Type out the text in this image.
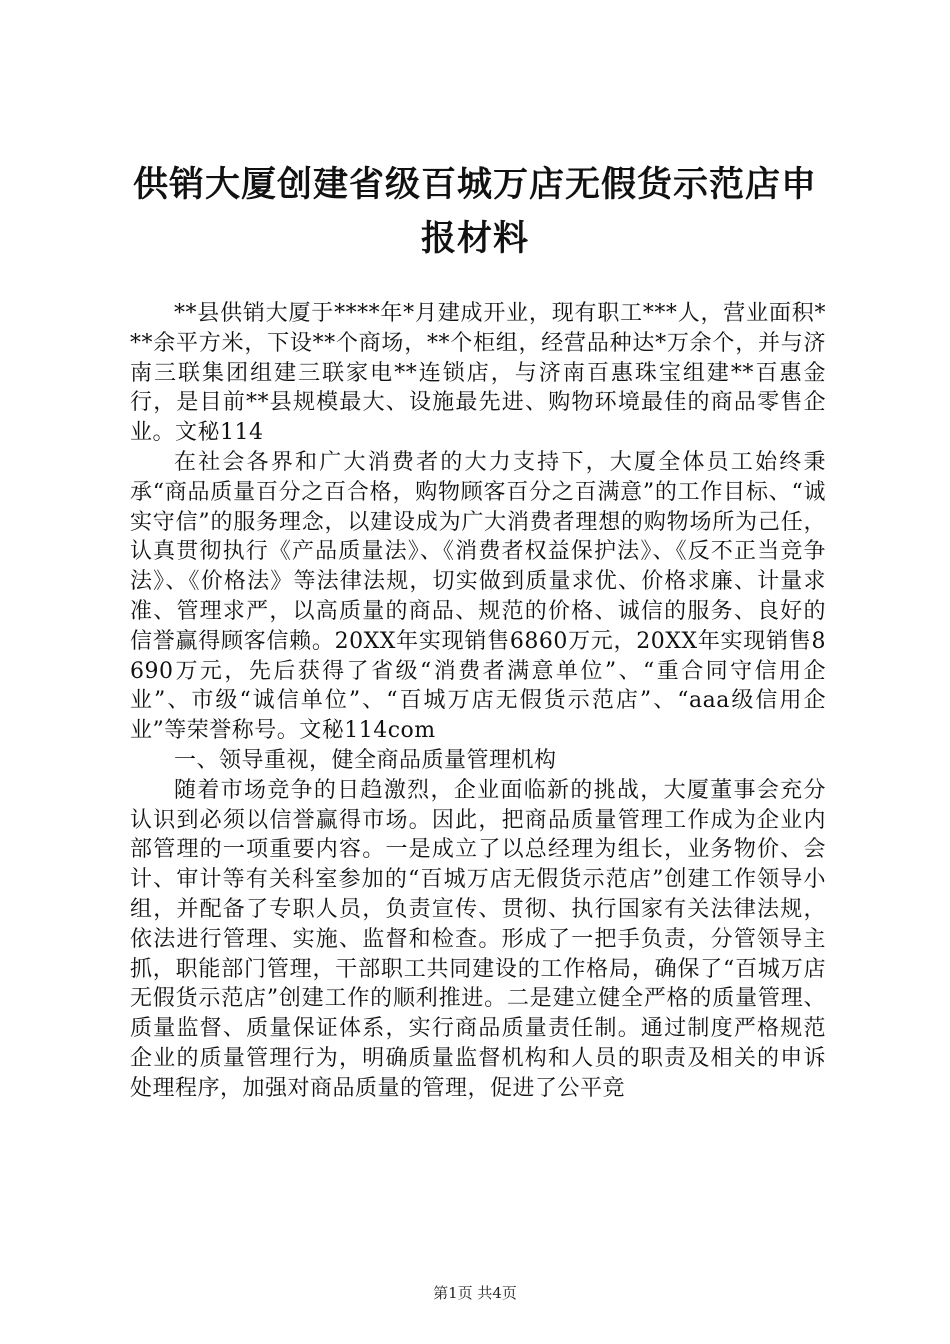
供销大厦创建省级百城万店无假货示范店申报材料

**县供销大厦于****年*月建成开业，现有职工***人，营业面积***余平方米，下设**个商场，**个柜组，经营品种达*万余个，并与济南三联集团组建三联家电**连锁店，与济南百惠珠宝组建**百惠金行，是目前**县规模最大、设施最先进、购物环境最佳的商品零售企业。文秘114

在社会各界和广大消费者的大力支持下，大厦全体员工始终秉承“商品质量百分之百合格，购物顾客百分之百满意”的工作目标、“诚实守信”的服务理念，以建设成为广大消费者理想的购物场所为己任，认真贯彻执行《产品质量法》、《消费者权益保护法》、《反不正当竞争法》、《价格法》等法律法规，切实做到质量求优、价格求廉、计量求准、管理求严，以高质量的商品、规范的价格、诚信的服务、良好的信誉赢得顾客信赖。20XX年实现销售6860万元，20XX年实现销售8690万元，先后获得了省级“消费者满意单位”、“重合同守信用企业”、市级“诚信单位”、“百城万店无假货示范店”、“aaa级信用企业”等荣誉称号。文秘114com

一、领导重视，健全商品质量管理机构

随着市场竞争的日趋激烈，企业面临新的挑战，大厦董事会充分认识到必须以信誉赢得市场。因此，把商品质量管理工作成为企业内部管理的一项重要内容。一是成立了以总经理为组长，业务物价、会计、审计等有关科室参加的“百城万店无假货示范店”创建工作领导小组，并配备了专职人员，负责宣传、贯彻、执行国家有关法律法规，依法进行管理、实施、监督和检查。形成了一把手负责，分管领导主抓，职能部门管理，干部职工共同建设的工作格局，确保了“百城万店无假货示范店”创建工作的顺利推进。二是建立健全严格的质量管理、质量监督、质量保证体系，实行商品质量责任制。通过制度严格规范企业的质量管理行为，明确质量监督机构和人员的职责及相关的申诉处理程序，加强对商品质量的管理，促进了公平竞

第1页 共4页
